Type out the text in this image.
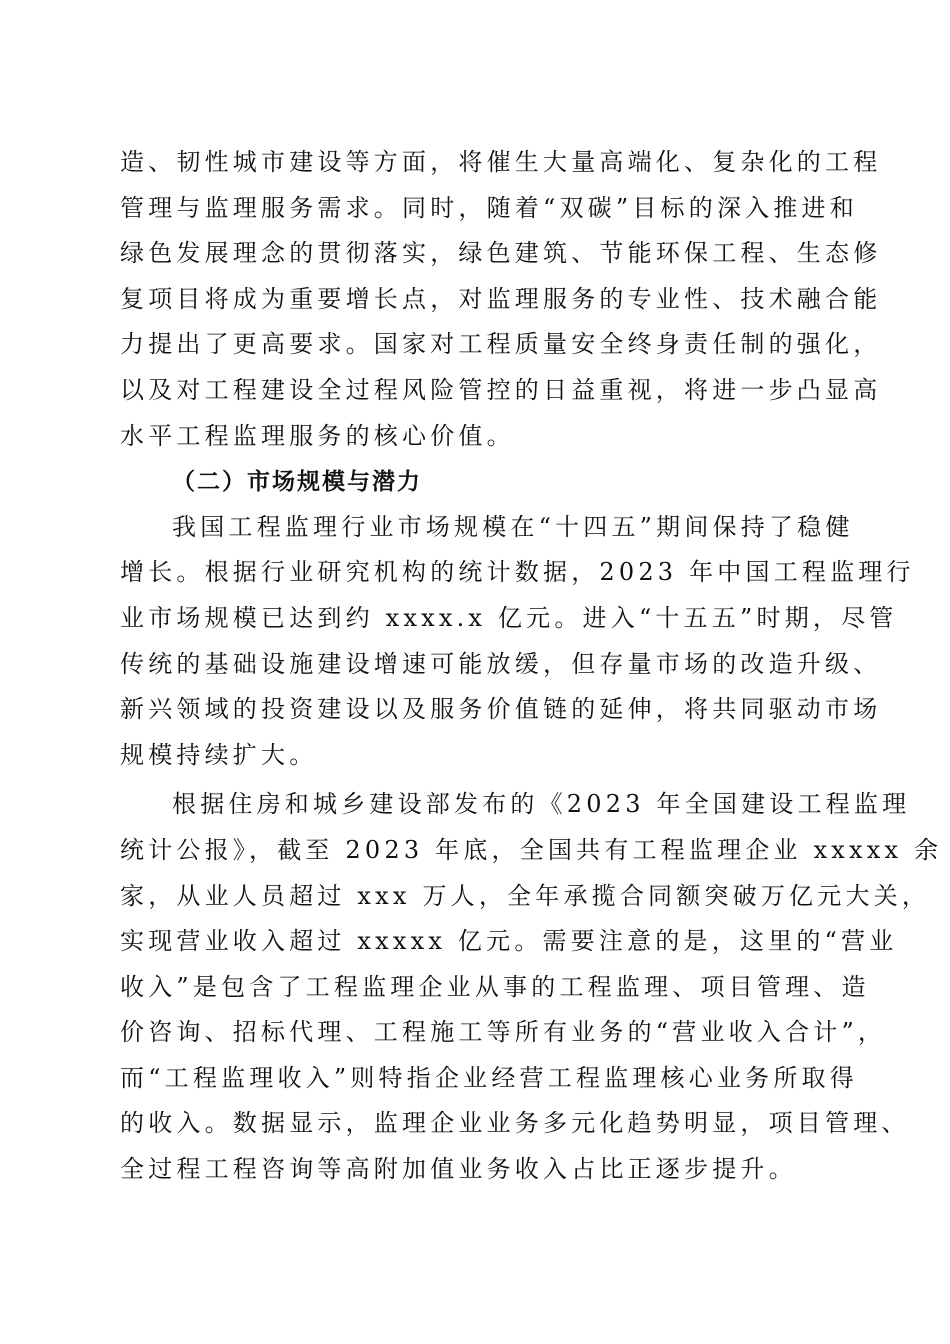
造、韧性城市建设等方面，将催生大量高端化、复杂化的工程
管理与监理服务需求。同时，随着“双碳”目标的深入推进和
绿色发展理念的贯彻落实，绿色建筑、节能环保工程、生态修
复项目将成为重要增长点，对监理服务的专业性、技术融合能
力提出了更高要求。国家对工程质量安全终身责任制的强化，
以及对工程建设全过程风险管控的日益重视，将进一步凸显高
水平工程监理服务的核心价值。
（二）市场规模与潜力
我国工程监理行业市场规模在“十四五”期间保持了稳健
增长。根据行业研究机构的统计数据，2023 年中国工程监理行
业市场规模已达到约 xxxx.x 亿元。进入“十五五”时期，尽管
传统的基础设施建设增速可能放缓，但存量市场的改造升级、
新兴领域的投资建设以及服务价值链的延伸，将共同驱动市场
规模持续扩大。
根据住房和城乡建设部发布的《2023 年全国建设工程监理
统计公报》，截至 2023 年底，全国共有工程监理企业 xxxxx 余
家，从业人员超过 xxx 万人，全年承揽合同额突破万亿元大关，
实现营业收入超过 xxxxx 亿元。需要注意的是，这里的“营业
收入”是包含了工程监理企业从事的工程监理、项目管理、造
价咨询、招标代理、工程施工等所有业务的“营业收入合计”，
而“工程监理收入”则特指企业经营工程监理核心业务所取得
的收入。数据显示，监理企业业务多元化趋势明显，项目管理、
全过程工程咨询等高附加值业务收入占比正逐步提升。
